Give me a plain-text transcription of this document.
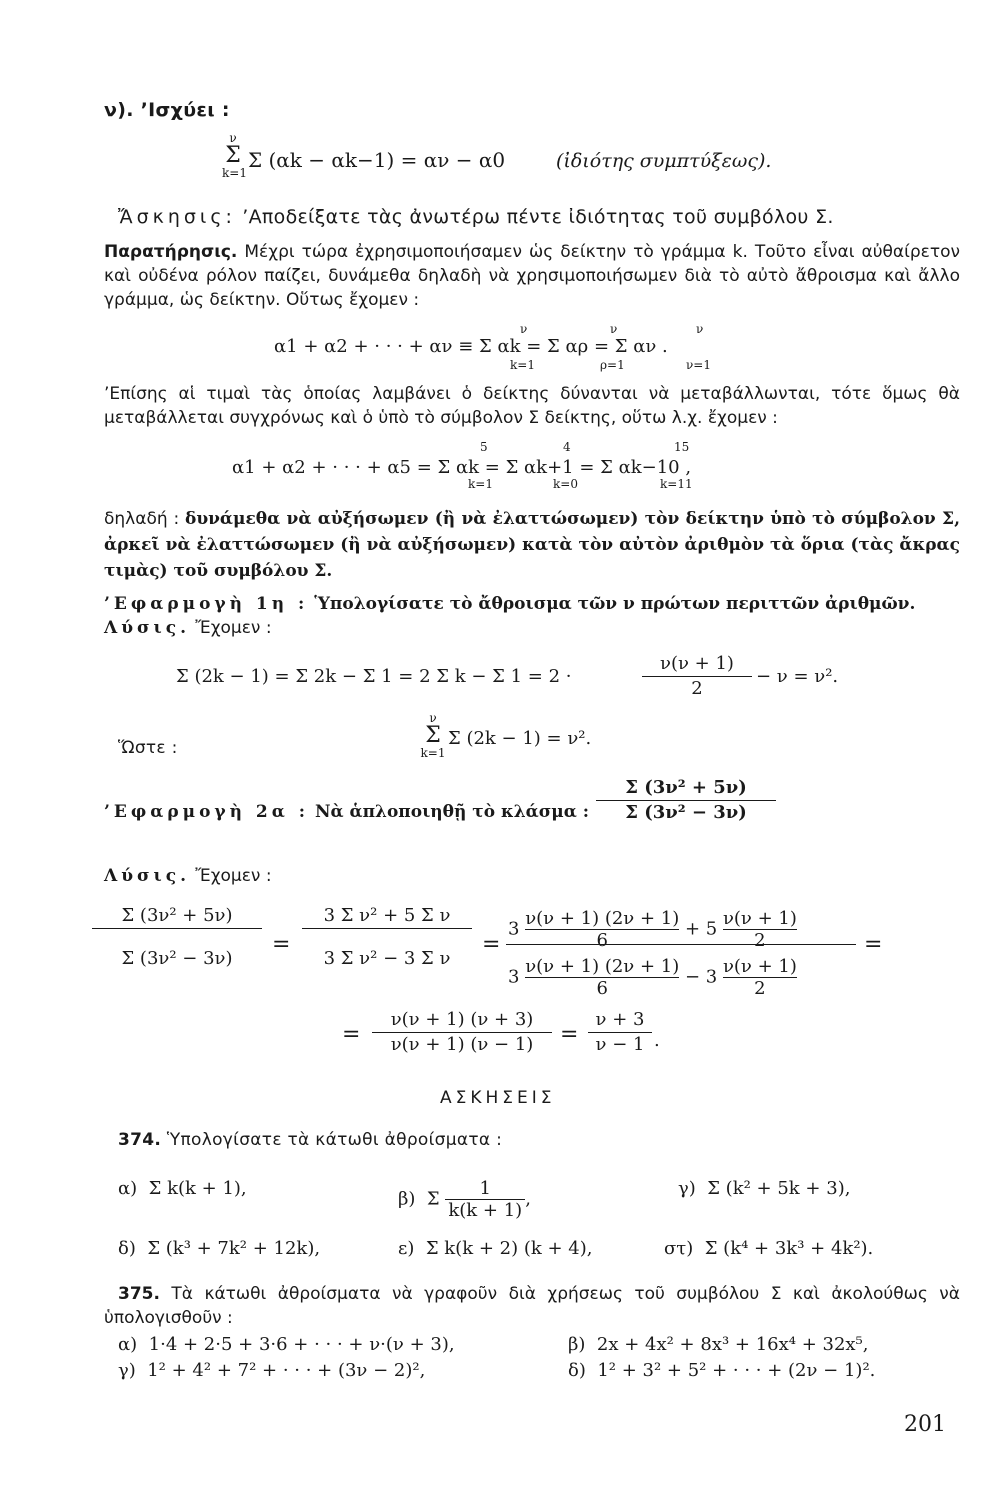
ν). ’Ισχύει :
ν
Σ
k=1
Σ (αk − αk−1) = αν − α0	(ἰδιότης συμπτύξεως).
Ἄσκησις: ’Αποδείξατε τὰς ἀνωτέρω πέντε ἰδιότητας τοῦ συμβόλου Σ.
Παρατήρησις. Μέχρι τώρα ἐχρησιμοποιήσαμεν ὡς δείκτην τὸ γράμμα k. Τοῦτο εἶναι αὐθαίρετον καὶ οὐδένα ρόλον παίζει, δυνάμεθα δηλαδὴ νὰ χρησιμοποιήσωμεν διὰ τὸ αὐτὸ ἄθροισμα καὶ ἄλλο γράμμα, ὡς δείκτην. Οὕτως ἔχομεν :
α1 + α2 + · · · + αν ≡ Σ αk = Σ αρ = Σ αν .
ν
k=1
ν
ρ=1
ν
ν=1
’Επίσης αἱ τιμαὶ τὰς ὁποίας λαμβάνει ὁ δείκτης δύνανται νὰ μεταβάλλωνται, τότε ὅμως θὰ μεταβάλλεται συγχρόνως καὶ ὁ ὑπὸ τὸ σύμβολον Σ δείκτης, οὕτω λ.χ. ἔχομεν :
α1 + α2 + · · · + α5 = Σ αk = Σ αk+1 = Σ αk−10 ,
5
k=1
4
k=0
15
k=11
δηλαδή : δυνάμεθα νὰ αὐξήσωμεν (ἢ νὰ ἐλαττώσωμεν) τὸν δείκτην ὑπὸ τὸ σύμβολον Σ, ἀρκεῖ νὰ ἐλαττώσωμεν (ἢ νὰ αὐξήσωμεν) κατὰ τὸν αὐτὸν ἀριθμὸν τὰ ὅρια (τὰς ἄκρας τιμὰς) τοῦ συμβόλου Σ.
’Εφαρμογὴ 1η : Ὑπολογίσατε τὸ ἄθροισμα τῶν ν πρώτων περιττῶν ἀριθμῶν.
Λύσις. Ἔχομεν :
Σ (2k − 1) = Σ 2k − Σ 1 = 2 Σ k − Σ 1 = 2 ·	$\frac{\nu(\nu + 1)}{2} - \nu = \nu^2$.
Ὥστε :
ν
Σ
k=1
Σ (2k − 1) = ν².
’Εφαρμογὴ 2α : Νὰ ἁπλοποιηθῇ τὸ κλάσμα : $\frac{\text{Σ (3ν² + 5ν)}}{\text{Σ (3ν² − 3ν)}}$
Λύσις. Ἔχομεν :
$\frac{\text{Σ (3ν² + 5ν)}}{\text{Σ (3ν² − 3ν)}} = \frac{\text{3 Σ ν² + 5 Σ ν}}{\text{3 Σ ν² − 3 Σ ν}}$ =
$3 \frac{\nu(\nu + 1) (2\nu + 1)}{6} + 5 \frac{\nu(\nu + 1)}{2}$
$3 \frac{\nu(\nu + 1) (2\nu + 1)}{6} - 3 \frac{\nu(\nu + 1)}{2}$
=
= $\frac{\nu(\nu + 1) (\nu + 3)}{\nu(\nu + 1) (\nu - 1)} = \frac{\nu + 3}{\nu - 1}$ .
ΑΣΚΗΣΕΙΣ
374. Ὑπολογίσατε τὰ κάτωθι ἀθροίσματα :
α) Σ k(k + 1),	β) Σ $\frac{1}{k(k + 1)}$ ,	γ) Σ (k² + 5k + 3),
δ) Σ (k³ + 7k² + 12k),	ε) Σ k(k + 2) (k + 4),	στ) Σ (k⁴ + 3k³ + 4k²).
375. Τὰ κάτωθι ἀθροίσματα νὰ γραφοῦν διὰ χρήσεως τοῦ συμβόλου Σ καὶ ἀκολούθως νὰ ὑπολογισθοῦν :
α) 1·4 + 2·5 + 3·6 + · · · + ν·(ν + 3),	β) 2x + 4x² + 8x³ + 16x⁴ + 32x⁵,
γ) 1² + 4² + 7² + · · · + (3ν − 2)²,	δ) 1² + 3² + 5² + · · · + (2ν − 1)².
201
